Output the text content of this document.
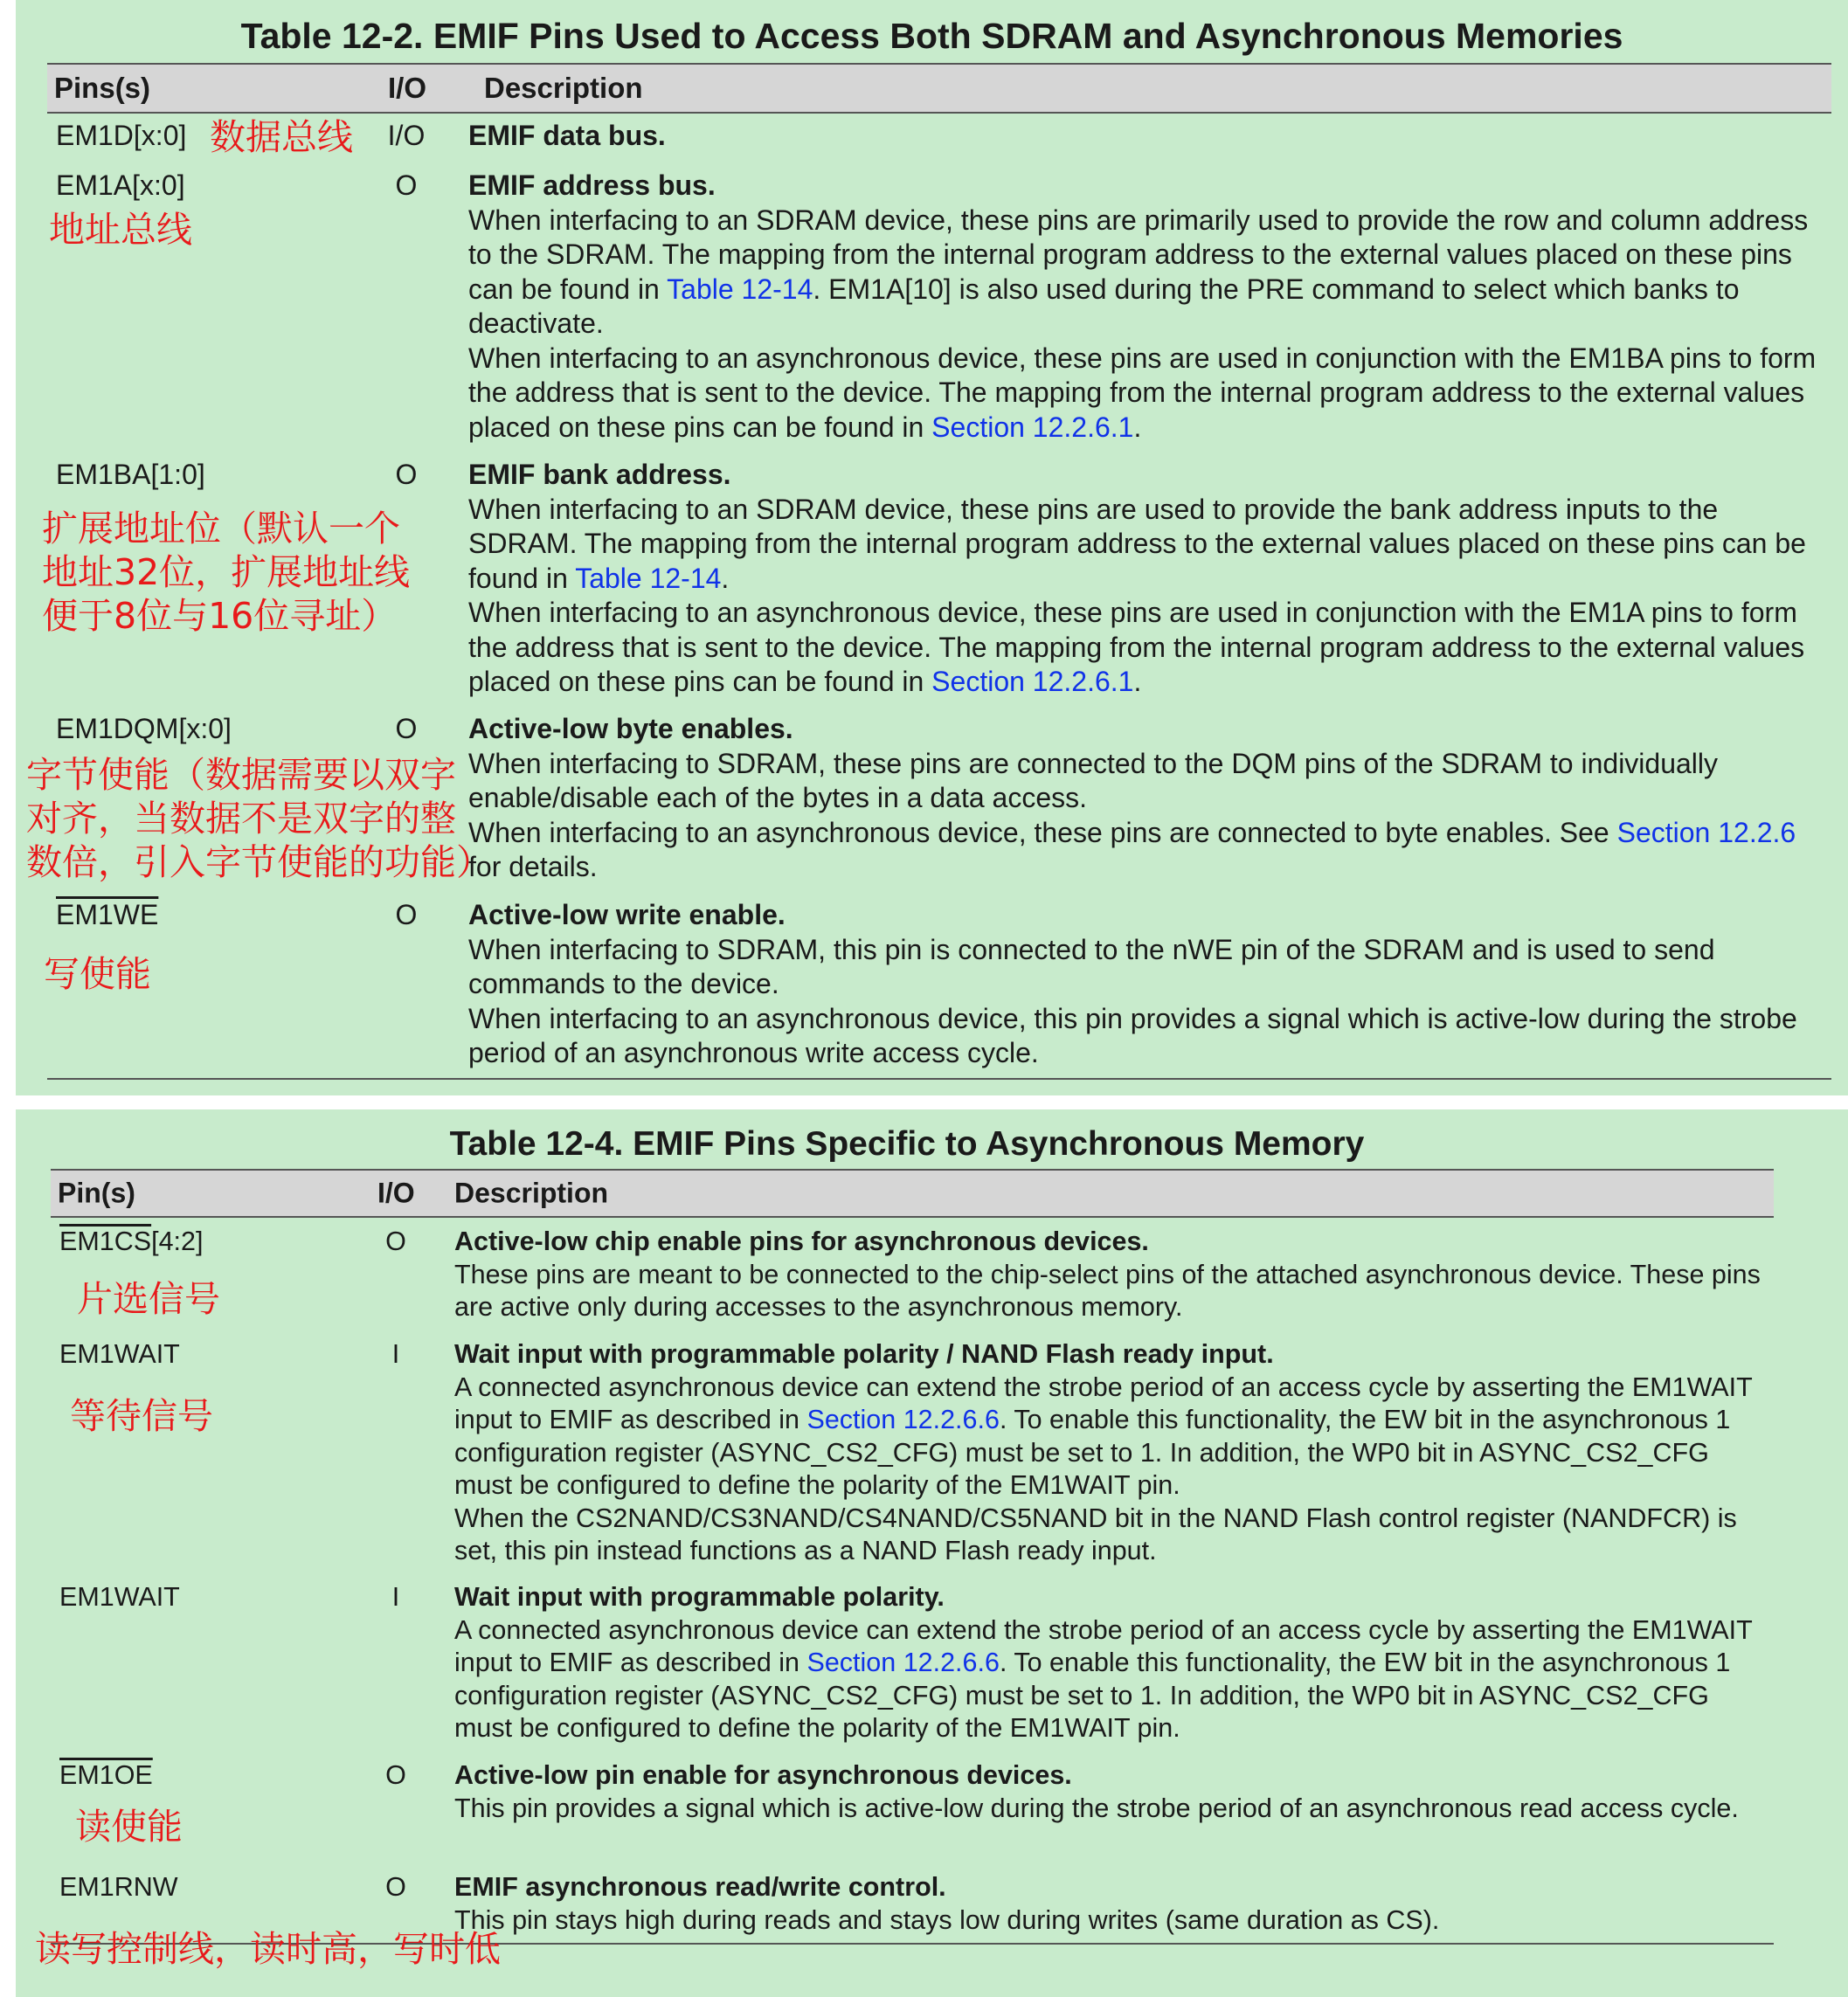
Table 12-2. EMIF Pins Used to Access Both SDRAM and Asynchronous Memories
Pins(s)	I/O Description
EM1D[x:0]	I/O	EMIF data bus.

EM1A[x:0]	O	EMIF address bus.

When interfacing to an SDRAM device, these pins are primarily used to provide the row and column address to the SDRAM. The mapping from the internal program address to the external values placed on these pins can be found in Table 12-14. EM1A[10] is also used during the PRE command to select which banks to deactivate.

When interfacing to an asynchronous device, these pins are used in conjunction with the EM1BA pins to form the address that is sent to the device. The mapping from the internal program address to the external values placed on these pins can be found in Section 12.2.6.1.

EM1BA[1:0]	O	EMIF bank address.

When interfacing to an SDRAM device, these pins are used to provide the bank address inputs to the SDRAM. The mapping from the internal program address to the external values placed on these pins can be found in Table 12-14.

When interfacing to an asynchronous device, these pins are used in conjunction with the EM1A pins to form the address that is sent to the device. The mapping from the internal program address to the external values placed on these pins can be found in Section 12.2.6.1.

EM1DQM[x:0]	O	Active-low byte enables.

When interfacing to SDRAM, these pins are connected to the DQM pins of the SDRAM to individually enable/disable each of the bytes in a data access.

When interfacing to an asynchronous device, these pins are connected to byte enables. See Section 12.2.6 for details.

EM1WE	O	Active-low write enable.

When interfacing to SDRAM, this pin is connected to the nWE pin of the SDRAM and is used to send commands to the device.

When interfacing to an asynchronous device, this pin provides a signal which is active-low during the strobe period of an asynchronous write access cycle.

Table 12-4. EMIF Pins Specific to Asynchronous Memory
Pin(s)	I/O Description
EM1CS[4:2]	O	Active-low chip enable pins for asynchronous devices.

These pins are meant to be connected to the chip-select pins of the attached asynchronous device. These pins are active only during accesses to the asynchronous memory.

EM1WAIT	I	Wait input with programmable polarity / NAND Flash ready input.

A connected asynchronous device can extend the strobe period of an access cycle by asserting the EM1WAIT input to EMIF as described in Section 12.2.6.6. To enable this functionality, the EW bit in the asynchronous 1 configuration register (ASYNC_CS2_CFG) must be set to 1. In addition, the WP0 bit in ASYNC_CS2_CFG must be configured to define the polarity of the EM1WAIT pin.

When the CS2NAND/CS3NAND/CS4NAND/CS5NAND bit in the NAND Flash control register (NANDFCR) is set, this pin instead functions as a NAND Flash ready input.

EM1WAIT	I	Wait input with programmable polarity.

A connected asynchronous device can extend the strobe period of an access cycle by asserting the EM1WAIT input to EMIF as described in Section 12.2.6.6. To enable this functionality, the EW bit in the asynchronous 1 configuration register (ASYNC_CS2_CFG) must be set to 1. In addition, the WP0 bit in ASYNC_CS2_CFG must be configured to define the polarity of the EM1WAIT pin.

EM1OE	O	Active-low pin enable for asynchronous devices.

This pin provides a signal which is active-low during the strobe period of an asynchronous read access cycle.

EM1RNW	O	EMIF asynchronous read/write control.

This pin stays high during reads and stays low during writes (same duration as CS).

数据总线
地址总线
扩展地址位（默认一个
地址32位，扩展地址线
便于8位与16位寻址）
字节使能（数据需要以双字
对齐，当数据不是双字的整
数倍，引入字节使能的功能）
写使能
片选信号
等待信号
读使能
读写控制线，读时高，写时低
